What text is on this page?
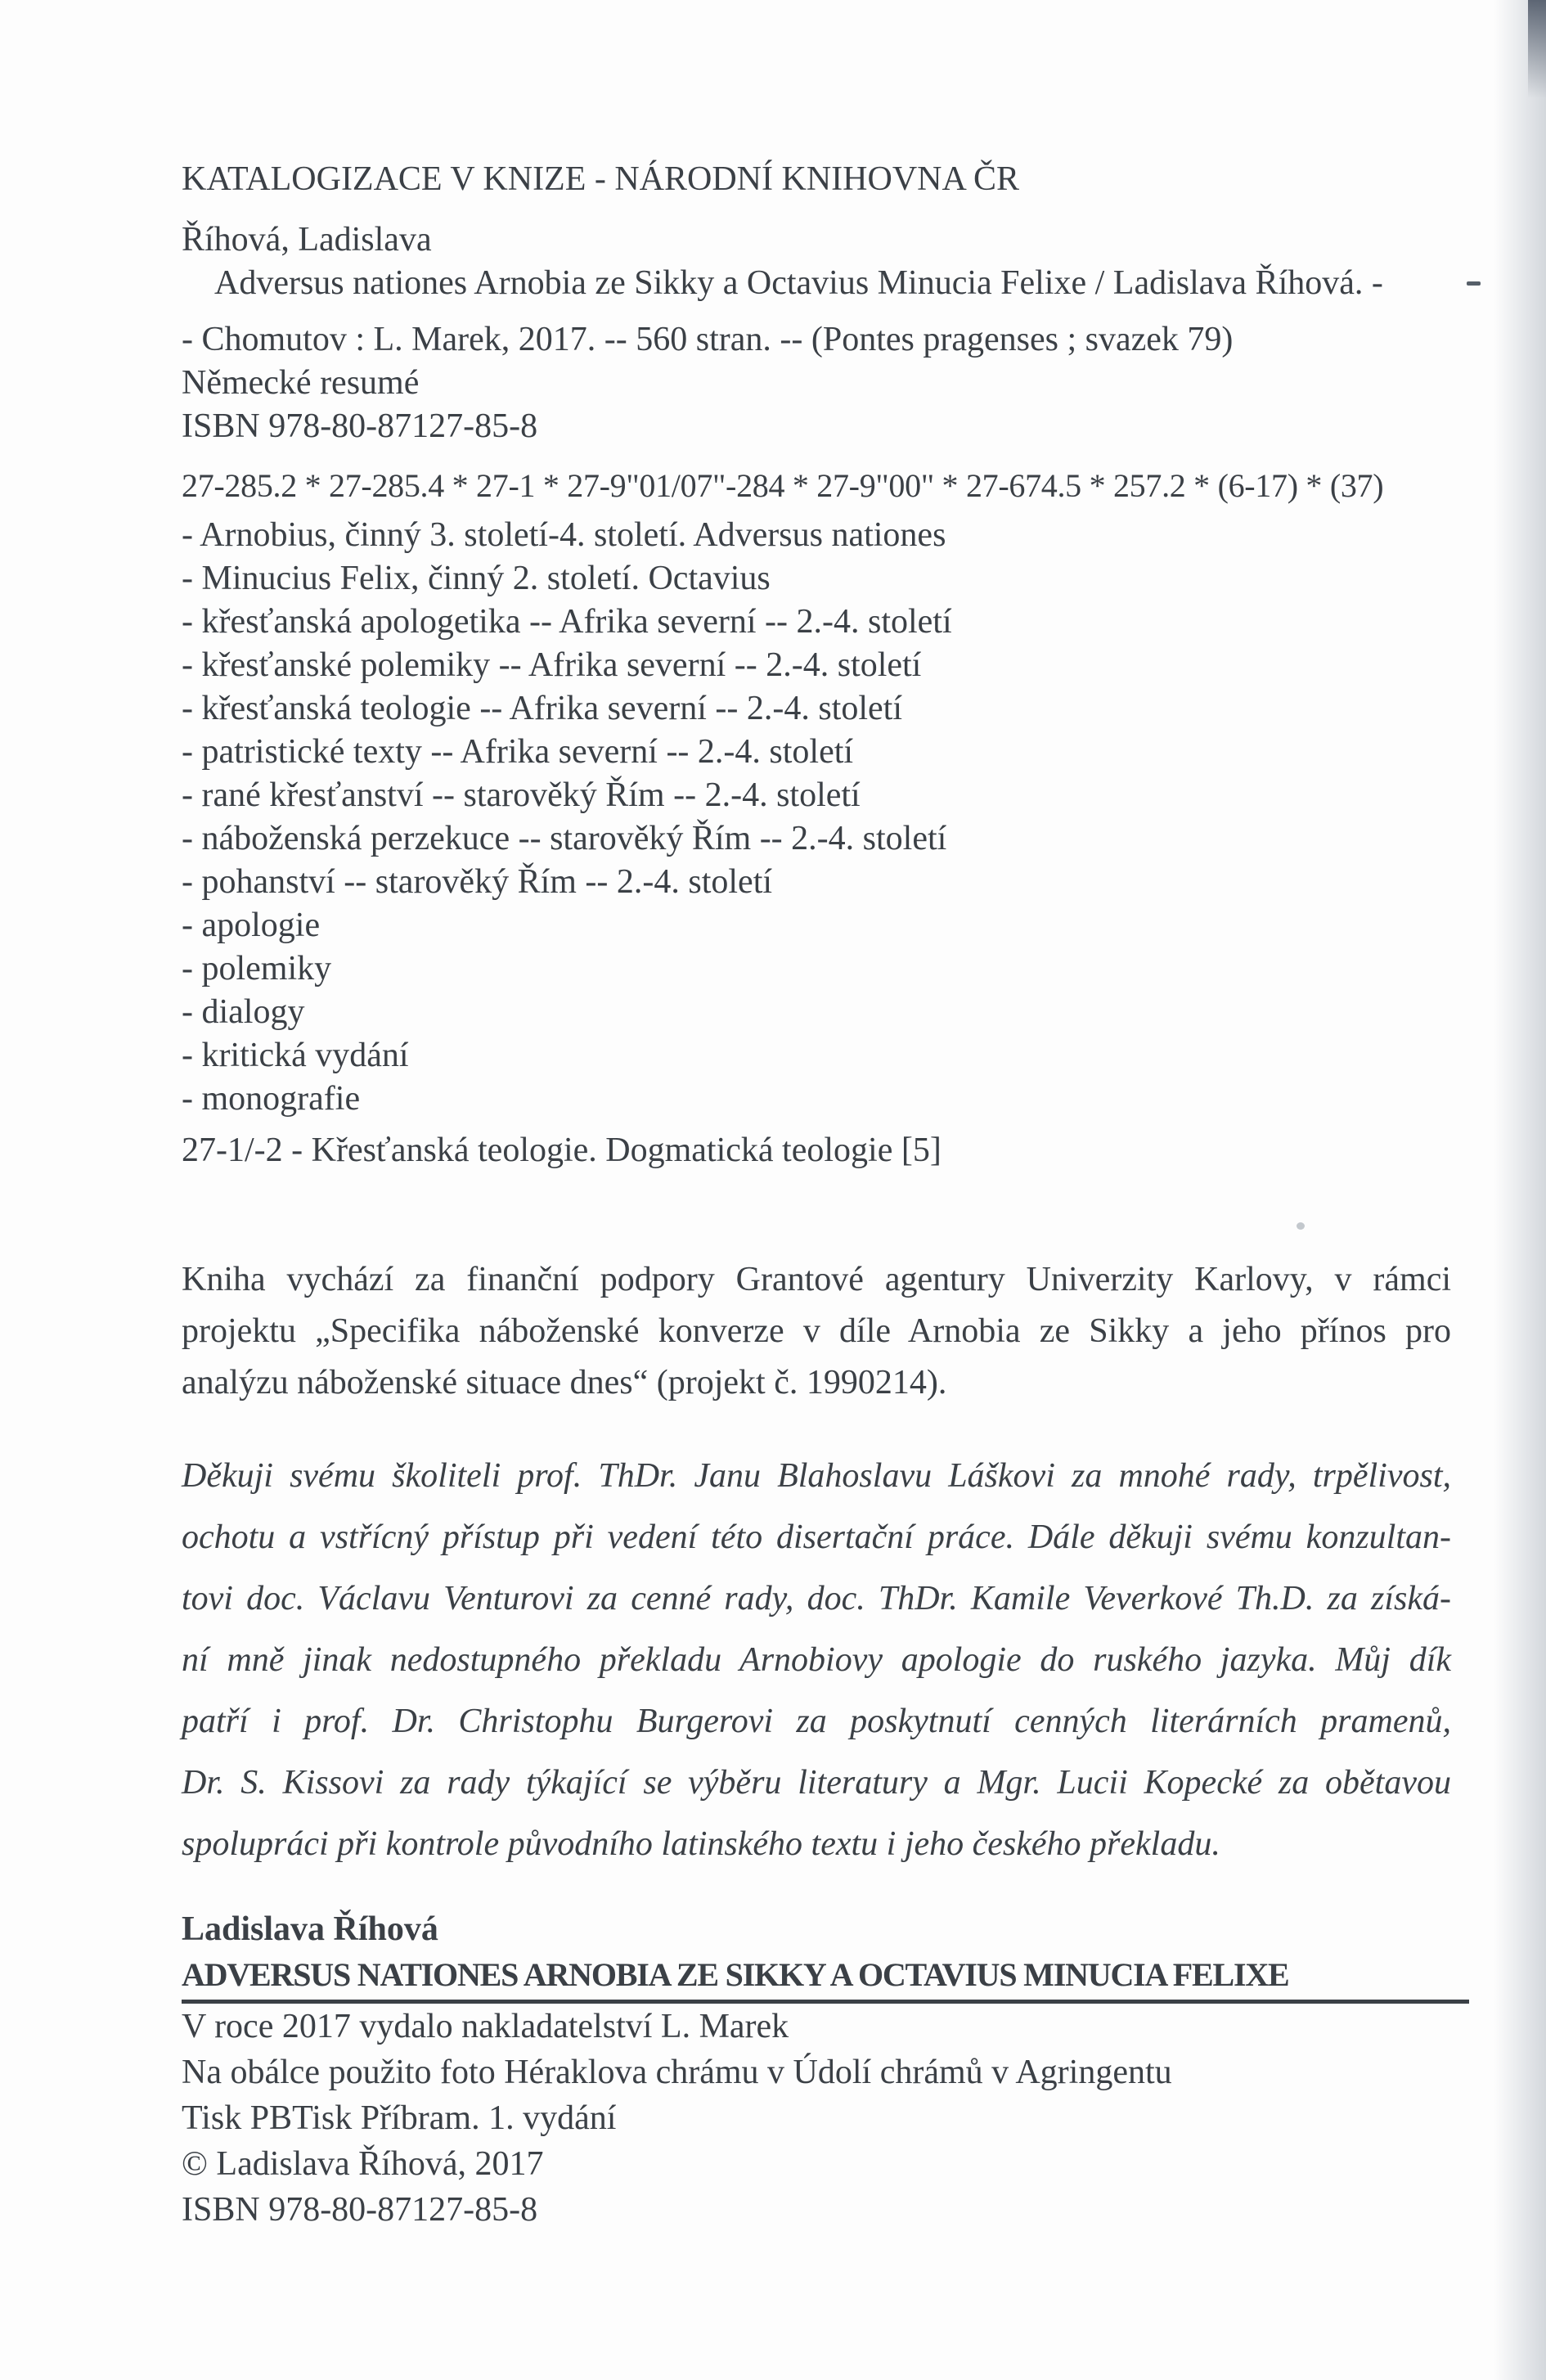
KATALOGIZACE V KNIZE - NÁRODNÍ KNIHOVNA ČR
Říhová, Ladislava
Adversus nationes Arnobia ze Sikky a Octavius Minucia Felixe / Ladislava Říhová. -
- Chomutov : L. Marek, 2017. -- 560 stran. -- (Pontes pragenses ; svazek 79)
Německé resumé
ISBN 978-80-87127-85-8
27-285.2 * 27-285.4 * 27-1 * 27-9"01/07"-284 * 27-9"00" * 27-674.5 * 257.2 * (6-17) * (37)
- Arnobius, činný 3. století-4. století. Adversus nationes
- Minucius Felix, činný 2. století. Octavius
- křesťanská apologetika -- Afrika severní -- 2.-4. století
- křesťanské polemiky -- Afrika severní -- 2.-4. století
- křesťanská teologie -- Afrika severní -- 2.-4. století
- patristické texty -- Afrika severní -- 2.-4. století
- rané křesťanství -- starověký Řím -- 2.-4. století
- náboženská perzekuce -- starověký Řím -- 2.-4. století
- pohanství -- starověký Řím -- 2.-4. století
- apologie
- polemiky
- dialogy
- kritická vydání
- monografie
27-1/-2 - Křesťanská teologie. Dogmatická teologie [5]
Kniha vychází za finanční podpory Grantové agentury Univerzity Karlovy, v rámci
projektu „Specifika náboženské konverze v díle Arnobia ze Sikky a jeho přínos pro
analýzu náboženské situace dnes“ (projekt č. 1990214).
Děkuji svému školiteli prof. ThDr. Janu Blahoslavu Láškovi za mnohé rady, trpělivost,
ochotu a vstřícný přístup při vedení této disertační práce. Dále děkuji svému konzultan-
tovi doc. Václavu Venturovi za cenné rady, doc. ThDr. Kamile Veverkové Th.D. za získá-
ní mně jinak nedostupného překladu Arnobiovy apologie do ruského jazyka. Můj dík
patří i prof. Dr. Christophu Burgerovi za poskytnutí cenných literárních pramenů,
Dr. S. Kissovi za rady týkající se výběru literatury a Mgr. Lucii Kopecké za obětavou
spolupráci při kontrole původního latinského textu i jeho českého překladu.
Ladislava Říhová
ADVERSUS NATIONES ARNOBIA ZE SIKKY A OCTAVIUS MINUCIA FELIXE
V roce 2017 vydalo nakladatelství L. Marek
Na obálce použito foto Héraklova chrámu v Údolí chrámů v Agringentu
Tisk PBTisk Příbram. 1. vydání
© Ladislava Říhová, 2017
ISBN 978-80-87127-85-8
